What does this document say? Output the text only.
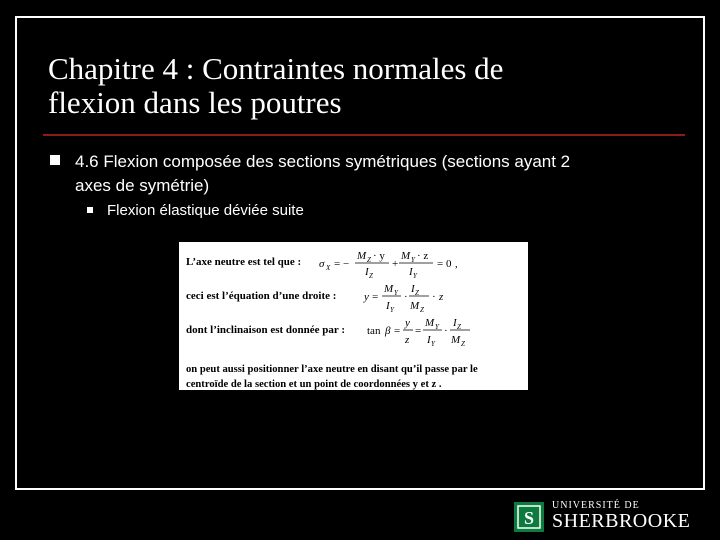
Chapitre 4 : Contraintes normales de
flexion dans les poutres
4.6 Flexion composée des sections symétriques (sections ayant 2
axes de symétrie)
Flexion élastique déviée suite
L’axe neutre est tel que :
ceci est l’équation d’une droite :
dont l’inclinaison est donnée par :
σ X = −
M Z · y
I Z
+
M Y · z
I Y
= 0 ,
y =
M Y
I Y
·
I Z
M Z
· z
tan β =
y
z
=
M Y
I Y
·
I Z
M Z
on peut aussi positionner l’axe neutre en disant qu’il passe par le
centroïde de la section et un point de coordonnées y et z .
S
UNIVERSITÉ DE
SHERBROOKE
